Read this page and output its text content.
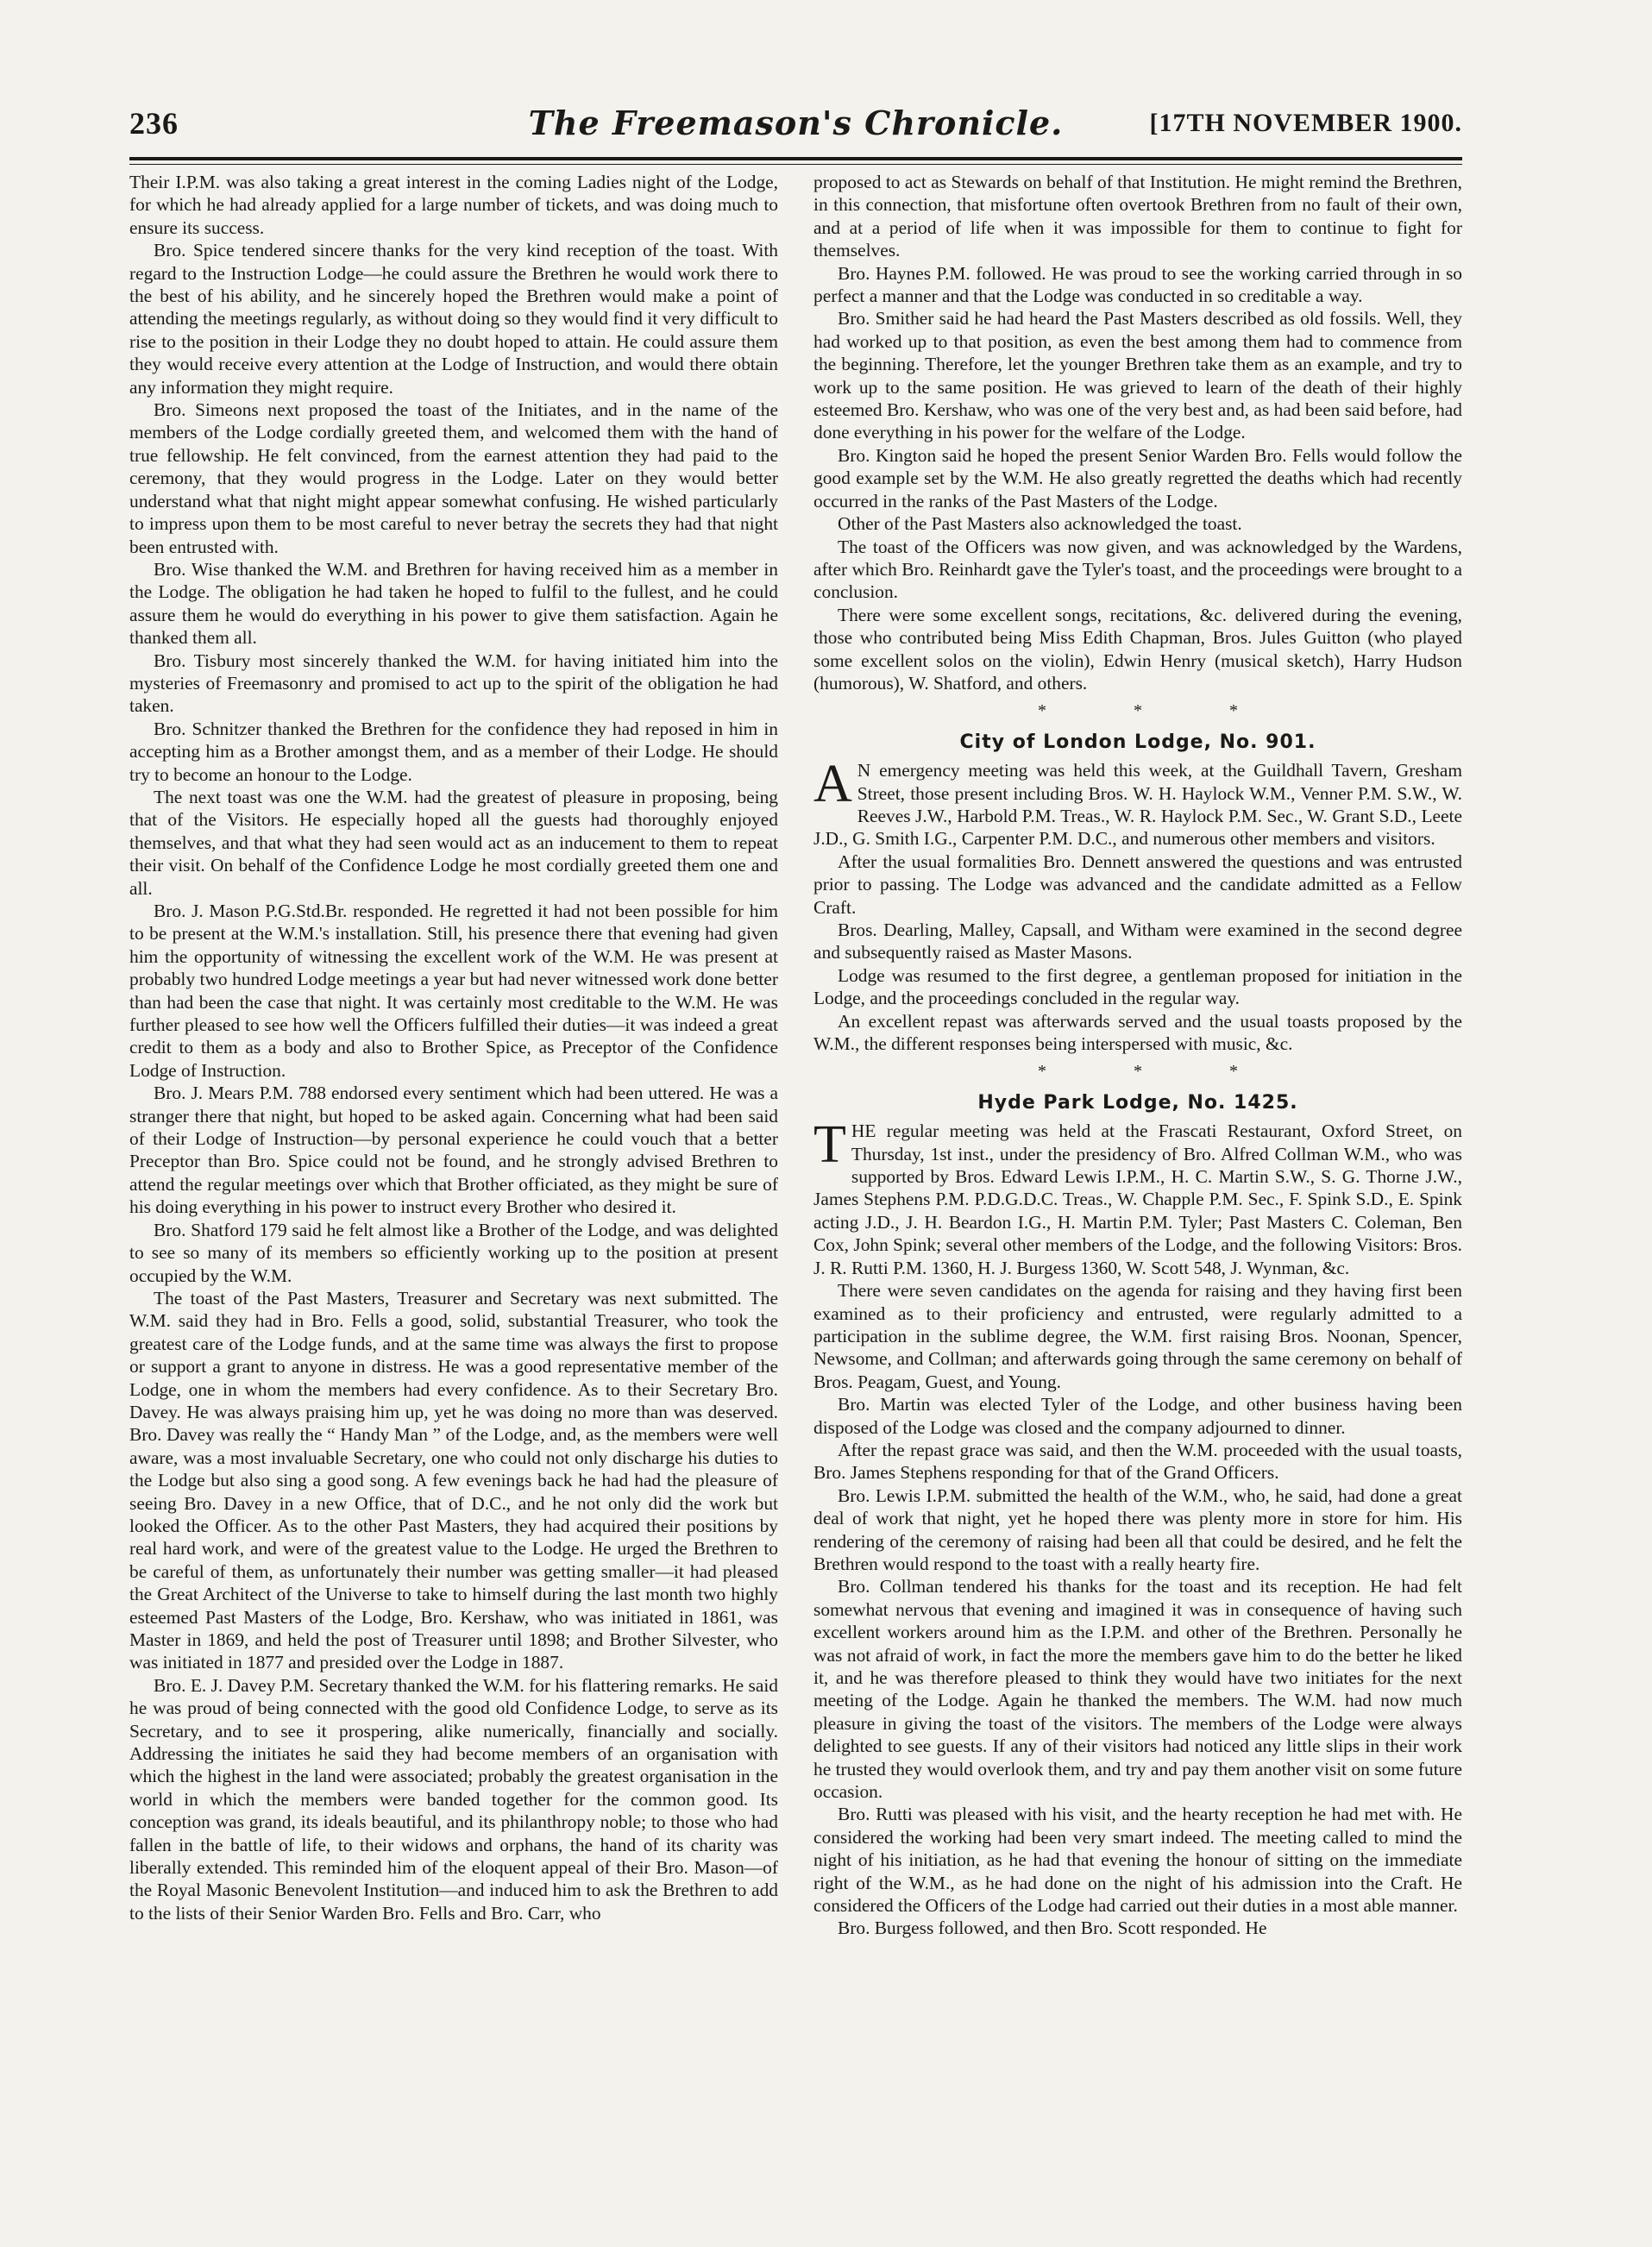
236	The Freemason's Chronicle.	[17TH NOVEMBER 1900.

Their I.P.M. was also taking a great interest in the coming Ladies night of the Lodge, for which he had already applied for a large number of tickets, and was doing much to ensure its success.

Bro. Spice tendered sincere thanks for the very kind reception of the toast. With regard to the Instruction Lodge—he could assure the Brethren he would work there to the best of his ability, and he sincerely hoped the Brethren would make a point of attending the meetings regularly, as without doing so they would find it very difficult to rise to the position in their Lodge they no doubt hoped to attain. He could assure them they would receive every attention at the Lodge of Instruction, and would there obtain any information they might require.

Bro. Simeons next proposed the toast of the Initiates, and in the name of the members of the Lodge cordially greeted them, and welcomed them with the hand of true fellowship. He felt convinced, from the earnest attention they had paid to the ceremony, that they would progress in the Lodge. Later on they would better understand what that night might appear somewhat confusing. He wished particularly to impress upon them to be most careful to never betray the secrets they had that night been entrusted with.

Bro. Wise thanked the W.M. and Brethren for having received him as a member in the Lodge. The obligation he had taken he hoped to fulfil to the fullest, and he could assure them he would do everything in his power to give them satisfaction. Again he thanked them all.

Bro. Tisbury most sincerely thanked the W.M. for having initiated him into the mysteries of Freemasonry and promised to act up to the spirit of the obligation he had taken.

Bro. Schnitzer thanked the Brethren for the confidence they had reposed in him in accepting him as a Brother amongst them, and as a member of their Lodge. He should try to become an honour to the Lodge.

The next toast was one the W.M. had the greatest of pleasure in proposing, being that of the Visitors. He especially hoped all the guests had thoroughly enjoyed themselves, and that what they had seen would act as an inducement to them to repeat their visit. On behalf of the Confidence Lodge he most cordially greeted them one and all.

Bro. J. Mason P.G.Std.Br. responded. He regretted it had not been possible for him to be present at the W.M.'s installation. Still, his presence there that evening had given him the opportunity of witnessing the excellent work of the W.M. He was present at probably two hundred Lodge meetings a year but had never witnessed work done better than had been the case that night. It was certainly most creditable to the W.M. He was further pleased to see how well the Officers fulfilled their duties—it was indeed a great credit to them as a body and also to Brother Spice, as Preceptor of the Confidence Lodge of Instruction.

Bro. J. Mears P.M. 788 endorsed every sentiment which had been uttered. He was a stranger there that night, but hoped to be asked again. Concerning what had been said of their Lodge of Instruction—by personal experience he could vouch that a better Preceptor than Bro. Spice could not be found, and he strongly advised Brethren to attend the regular meetings over which that Brother officiated, as they might be sure of his doing everything in his power to instruct every Brother who desired it.

Bro. Shatford 179 said he felt almost like a Brother of the Lodge, and was delighted to see so many of its members so efficiently working up to the position at present occupied by the W.M.

The toast of the Past Masters, Treasurer and Secretary was next submitted. The W.M. said they had in Bro. Fells a good, solid, substantial Treasurer, who took the greatest care of the Lodge funds, and at the same time was always the first to propose or support a grant to anyone in distress. He was a good representative member of the Lodge, one in whom the members had every confidence. As to their Secretary Bro. Davey. He was always praising him up, yet he was doing no more than was deserved. Bro. Davey was really the “ Handy Man ” of the Lodge, and, as the members were well aware, was a most invaluable Secretary, one who could not only discharge his duties to the Lodge but also sing a good song. A few evenings back he had had the pleasure of seeing Bro. Davey in a new Office, that of D.C., and he not only did the work but looked the Officer. As to the other Past Masters, they had acquired their positions by real hard work, and were of the greatest value to the Lodge. He urged the Brethren to be careful of them, as unfortunately their number was getting smaller—it had pleased the Great Architect of the Universe to take to himself during the last month two highly esteemed Past Masters of the Lodge, Bro. Kershaw, who was initiated in 1861, was Master in 1869, and held the post of Treasurer until 1898; and Brother Silvester, who was initiated in 1877 and presided over the Lodge in 1887.

Bro. E. J. Davey P.M. Secretary thanked the W.M. for his flattering remarks. He said he was proud of being connected with the good old Confidence Lodge, to serve as its Secretary, and to see it prospering, alike numerically, financially and socially. Addressing the initiates he said they had become members of an organisation with which the highest in the land were associated; probably the greatest organisation in the world in which the members were banded together for the common good. Its conception was grand, its ideals beautiful, and its philanthropy noble; to those who had fallen in the battle of life, to their widows and orphans, the hand of its charity was liberally extended. This reminded him of the eloquent appeal of their Bro. Mason—of the Royal Masonic Benevolent Institution—and induced him to ask the Brethren to add to the lists of their Senior Warden Bro. Fells and Bro. Carr, who

proposed to act as Stewards on behalf of that Institution. He might remind the Brethren, in this connection, that misfortune often overtook Brethren from no fault of their own, and at a period of life when it was impossible for them to continue to fight for themselves.

Bro. Haynes P.M. followed. He was proud to see the working carried through in so perfect a manner and that the Lodge was conducted in so creditable a way.

Bro. Smither said he had heard the Past Masters described as old fossils. Well, they had worked up to that position, as even the best among them had to commence from the beginning. Therefore, let the younger Brethren take them as an example, and try to work up to the same position. He was grieved to learn of the death of their highly esteemed Bro. Kershaw, who was one of the very best and, as had been said before, had done everything in his power for the welfare of the Lodge.

Bro. Kington said he hoped the present Senior Warden Bro. Fells would follow the good example set by the W.M. He also greatly regretted the deaths which had recently occurred in the ranks of the Past Masters of the Lodge.

Other of the Past Masters also acknowledged the toast.

The toast of the Officers was now given, and was acknowledged by the Wardens, after which Bro. Reinhardt gave the Tyler's toast, and the proceedings were brought to a conclusion.

There were some excellent songs, recitations, &c. delivered during the evening, those who contributed being Miss Edith Chapman, Bros. Jules Guitton (who played some excellent solos on the violin), Edwin Henry (musical sketch), Harry Hudson (humorous), W. Shatford, and others.

* * *
City of London Lodge, No. 901.

A N emergency meeting was held this week, at the Guildhall Tavern, Gresham Street, those present including Bros. W. H. Haylock W.M., Venner P.M. S.W., W. Reeves J.W., Harbold P.M. Treas., W. R. Haylock P.M. Sec., W. Grant S.D., Leete J.D., G. Smith I.G., Carpenter P.M. D.C., and numerous other members and visitors.

After the usual formalities Bro. Dennett answered the questions and was entrusted prior to passing. The Lodge was advanced and the candidate admitted as a Fellow Craft.

Bros. Dearling, Malley, Capsall, and Witham were examined in the second degree and subsequently raised as Master Masons.

Lodge was resumed to the first degree, a gentleman proposed for initiation in the Lodge, and the proceedings concluded in the regular way.

An excellent repast was afterwards served and the usual toasts proposed by the W.M., the different responses being interspersed with music, &c.

* * *
Hyde Park Lodge, No. 1425.

THE regular meeting was held at the Frascati Restaurant, Oxford Street, on Thursday, 1st inst., under the presidency of Bro. Alfred Collman W.M., who was supported by Bros. Edward Lewis I.P.M., H. C. Martin S.W., S. G. Thorne J.W., James Stephens P.M. P.D.G.D.C. Treas., W. Chapple P.M. Sec., F. Spink S.D., E. Spink acting J.D., J. H. Beardon I.G., H. Martin P.M. Tyler; Past Masters C. Coleman, Ben Cox, John Spink; several other members of the Lodge, and the following Visitors: Bros. J. R. Rutti P.M. 1360, H. J. Burgess 1360, W. Scott 548, J. Wynman, &c.

There were seven candidates on the agenda for raising and they having first been examined as to their proficiency and entrusted, were regularly admitted to a participation in the sublime degree, the W.M. first raising Bros. Noonan, Spencer, Newsome, and Collman; and afterwards going through the same ceremony on behalf of Bros. Peagam, Guest, and Young.

Bro. Martin was elected Tyler of the Lodge, and other business having been disposed of the Lodge was closed and the company adjourned to dinner.

After the repast grace was said, and then the W.M. proceeded with the usual toasts, Bro. James Stephens responding for that of the Grand Officers.

Bro. Lewis I.P.M. submitted the health of the W.M., who, he said, had done a great deal of work that night, yet he hoped there was plenty more in store for him. His rendering of the ceremony of raising had been all that could be desired, and he felt the Brethren would respond to the toast with a really hearty fire.

Bro. Collman tendered his thanks for the toast and its reception. He had felt somewhat nervous that evening and imagined it was in consequence of having such excellent workers around him as the I.P.M. and other of the Brethren. Personally he was not afraid of work, in fact the more the members gave him to do the better he liked it, and he was therefore pleased to think they would have two initiates for the next meeting of the Lodge. Again he thanked the members. The W.M. had now much pleasure in giving the toast of the visitors. The members of the Lodge were always delighted to see guests. If any of their visitors had noticed any little slips in their work he trusted they would overlook them, and try and pay them another visit on some future occasion.

Bro. Rutti was pleased with his visit, and the hearty reception he had met with. He considered the working had been very smart indeed. The meeting called to mind the night of his initiation, as he had that evening the honour of sitting on the immediate right of the W.M., as he had done on the night of his admission into the Craft. He considered the Officers of the Lodge had carried out their duties in a most able manner.

Bro. Burgess followed, and then Bro. Scott responded. He
